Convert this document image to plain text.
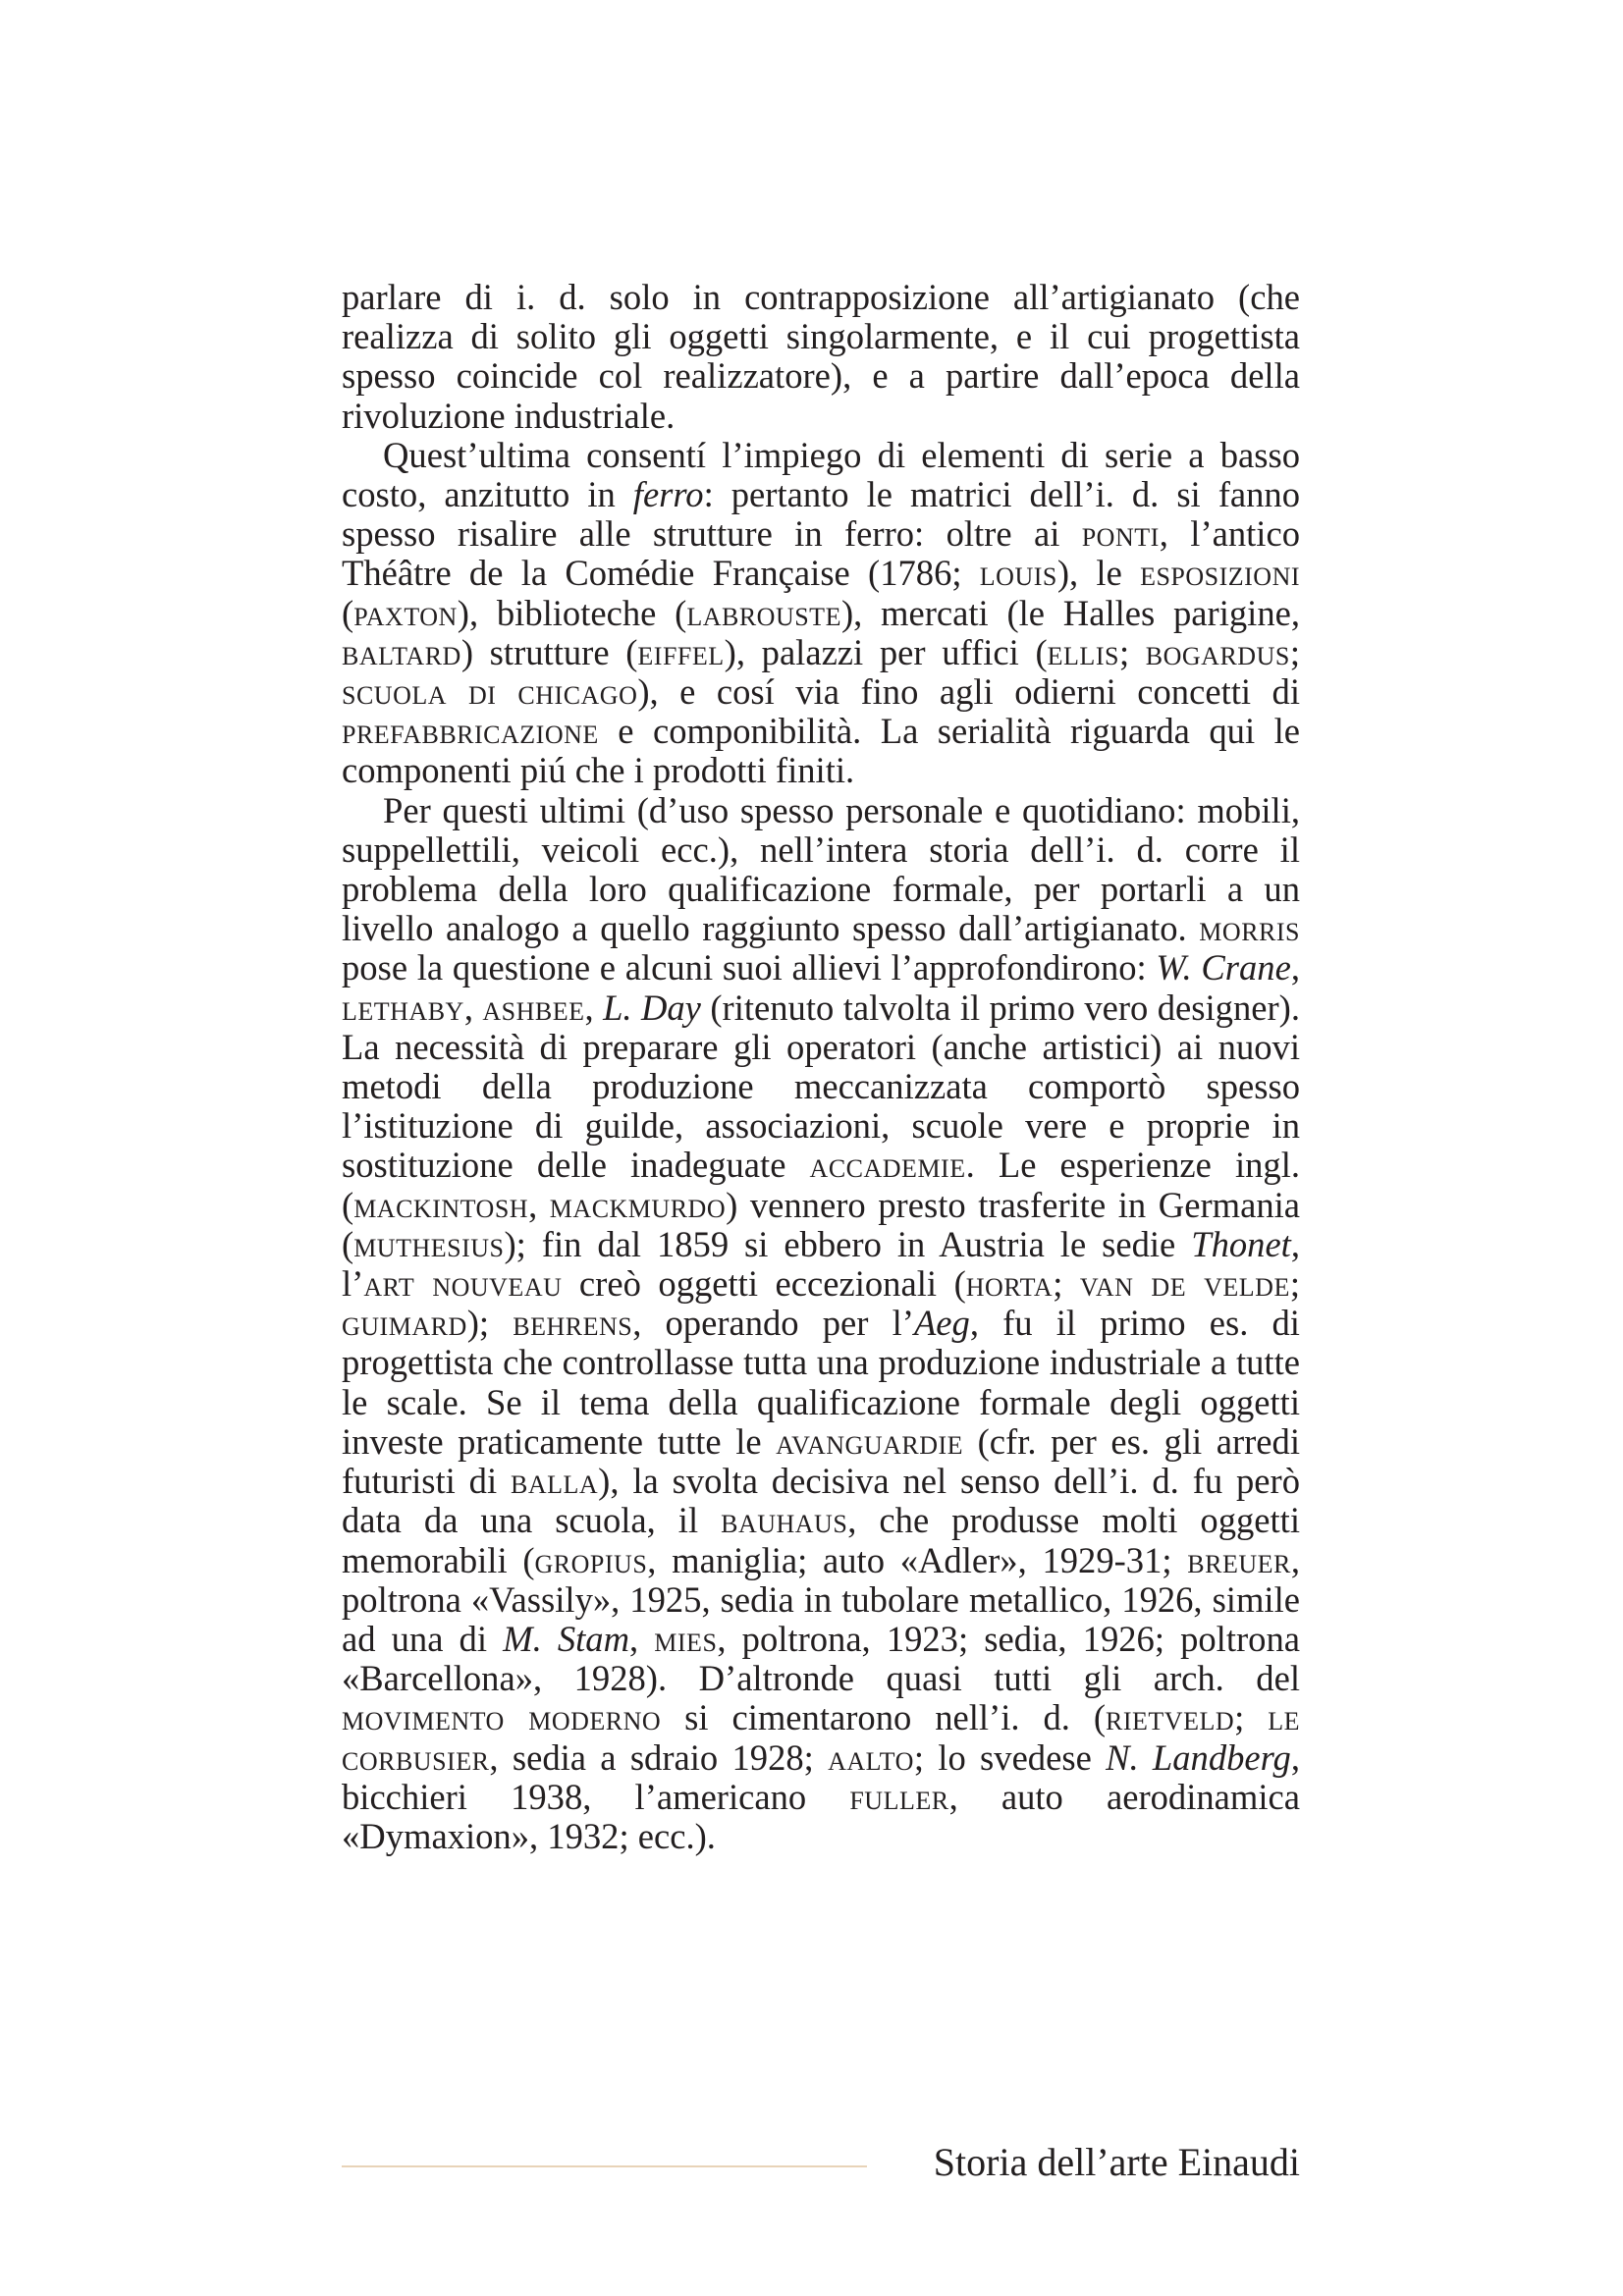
parlare di i. d. solo in contrapposizione all’artigianato (che realizza di solito gli oggetti singolarmente, e il cui progettista spesso coincide col realizzatore), e a partire dall’epoca della rivoluzione industriale.

Quest’ultima consentí l’impiego di elementi di serie a basso costo, anzitutto in ferro: pertanto le matrici dell’i. d. si fanno spesso risalire alle strutture in ferro: oltre ai ponti, l’antico Théâtre de la Comédie Française (1786; louis), le esposizioni (paxton), biblioteche (labrouste), mercati (le Halles parigine, baltard) strutture (eiffel), palazzi per uffici (ellis; bogardus; scuola di chicago), e cosí via fino agli odierni concetti di prefabbricazione e componibilità. La serialità riguarda qui le componenti piú che i prodotti finiti.

Per questi ultimi (d’uso spesso personale e quotidiano: mobili, suppellettili, veicoli ecc.), nell’intera storia dell’i. d. corre il problema della loro qualificazione formale, per portarli a un livello analogo a quello raggiunto spesso dall’artigianato. morris pose la questione e alcuni suoi allievi l’approfondirono: W. Crane, lethaby, ashbee, L. Day (ritenuto talvolta il primo vero designer). La necessità di preparare gli operatori (anche artistici) ai nuovi metodi della produzione meccanizzata comportò spesso l’istituzione di guilde, associazioni, scuole vere e proprie in sostituzione delle inadeguate accademie. Le esperienze ingl. (mackintosh, mackmurdo) vennero presto trasferite in Germania (muthesius); fin dal 1859 si ebbero in Austria le sedie Thonet, l’art nouveau creò oggetti eccezionali (horta; van de velde; guimard); behrens, operando per l’Aeg, fu il primo es. di progettista che controllasse tutta una produzione industriale a tutte le scale. Se il tema della qualificazione formale degli oggetti investe praticamente tutte le avanguardie (cfr. per es. gli arredi futuristi di balla), la svolta decisiva nel senso dell’i. d. fu però data da una scuola, il bauhaus, che produsse molti oggetti memorabili (gropius, maniglia; auto «Adler», 1929-31; breuer, poltrona «Vassily», 1925, sedia in tubolare metallico, 1926, simile ad una di M. Stam, mies, poltrona, 1923; sedia, 1926; poltrona «Barcellona», 1928). D’altronde quasi tutti gli arch. del movimento moderno si cimentarono nell’i. d. (rietveld; le corbusier, sedia a sdraio 1928; aalto; lo svedese N. Landberg, bicchieri 1938, l’americano fuller, auto aerodinamica «Dymaxion», 1932; ecc.).

Storia dell’arte Einaudi
